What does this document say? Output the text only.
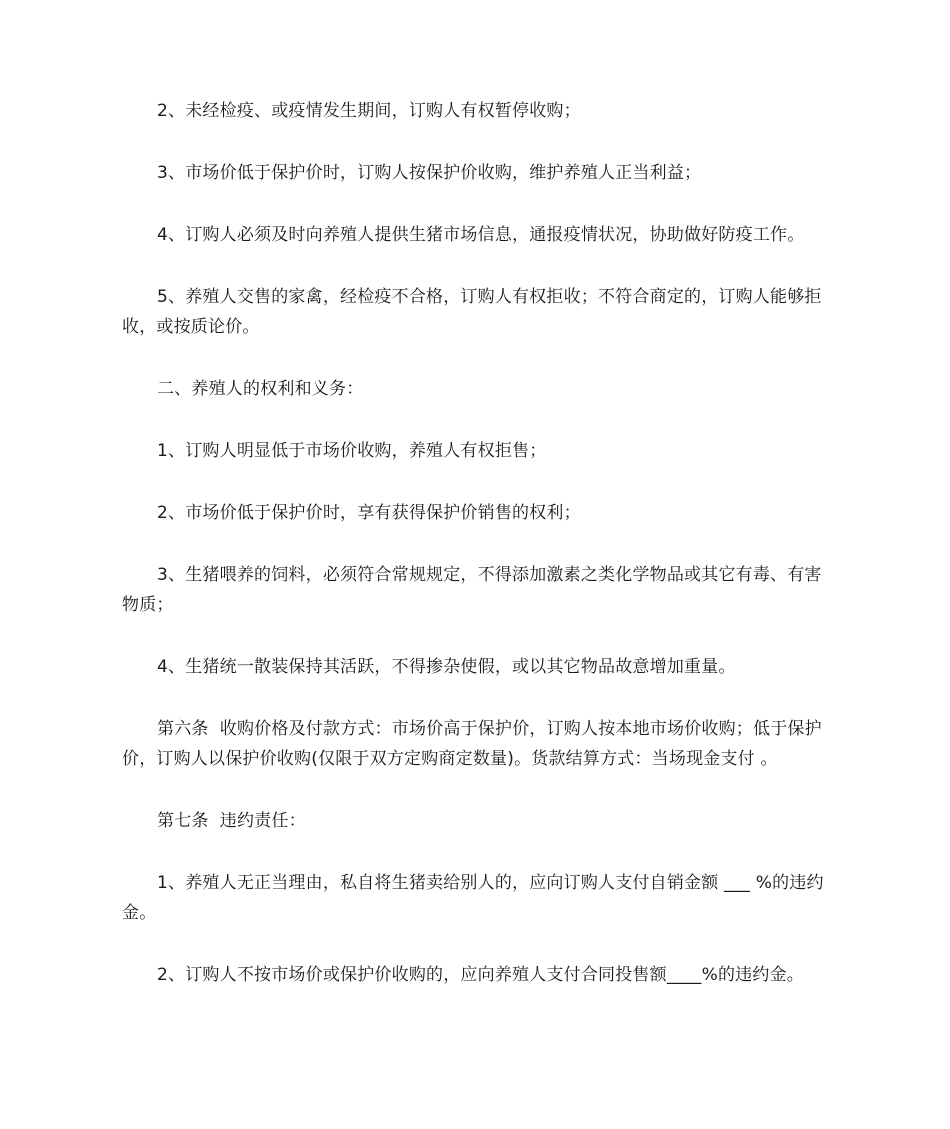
2、未经检疫、或疫情发生期间，订购人有权暂停收购；

3、市场价低于保护价时，订购人按保护价收购，维护养殖人正当利益；

4、订购人必须及时向养殖人提供生猪市场信息，通报疫情状况，协助做好防疫工作。

5、养殖人交售的家禽，经检疫不合格，订购人有权拒收；不符合商定的，订购人能够拒收，或按质论价。

二、养殖人的权利和义务：

1、订购人明显低于市场价收购，养殖人有权拒售；

2、市场价低于保护价时，享有获得保护价销售的权利；

3、生猪喂养的饲料，必须符合常规规定，不得添加激素之类化学物品或其它有毒、有害物质；

4、生猪统一散装保持其活跃，不得掺杂使假，或以其它物品故意增加重量。

第六条  收购价格及付款方式：市场价高于保护价，订购人按本地市场价收购；低于保护价，订购人以保护价收购(仅限于双方定购商定数量)。货款结算方式：当场现金支付 。

第七条  违约责任：

1、养殖人无正当理由，私自将生猪卖给别人的，应向订购人支付自销金额 ___ %的违约金。

2、订购人不按市场价或保护价收购的，应向养殖人支付合同投售额____%的违约金。
